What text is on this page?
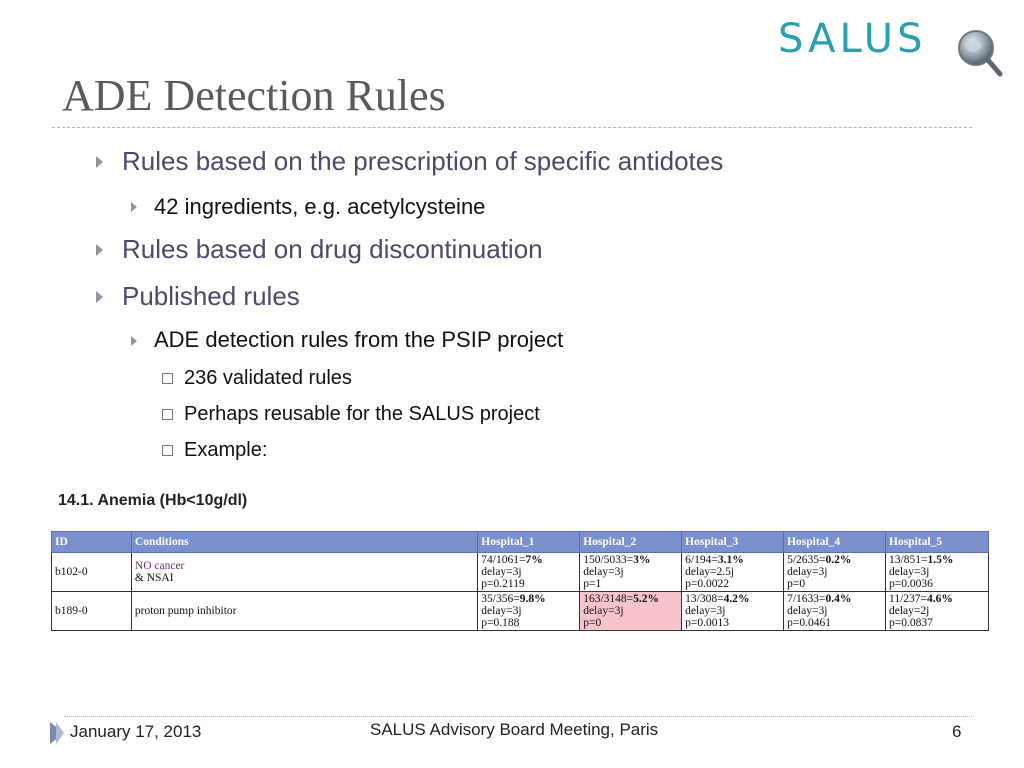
SALUS
ADE Detection Rules
Rules based on the prescription of specific antidotes
42 ingredients, e.g. acetylcysteine
Rules based on drug discontinuation
Published rules
ADE detection rules from the PSIP project
236 validated rules
Perhaps reusable for the SALUS project
Example:
14.1. Anemia (Hb<10g/dl)
ID	Conditions	Hospital_1	Hospital_2	Hospital_3	Hospital_4	Hospital_5
b102-0	NO cancer
& NSAI	74/1061=7%
delay=3j
p=0.2119	150/5033=3%
delay=3j
p=1	6/194=3.1%
delay=2.5j
p=0.0022	5/2635=0.2%
delay=3j
p=0	13/851=1.5%
delay=3j
p=0.0036
b189-0	proton pump inhibitor	35/356=9.8%
delay=3j
p=0.188	163/3148=5.2%
delay=3j
p=0	13/308=4.2%
delay=3j
p=0.0013	7/1633=0.4%
delay=3j
p=0.0461	11/237=4.6%
delay=2j
p=0.0837
January 17, 2013	SALUS Advisory Board Meeting, Paris	6
